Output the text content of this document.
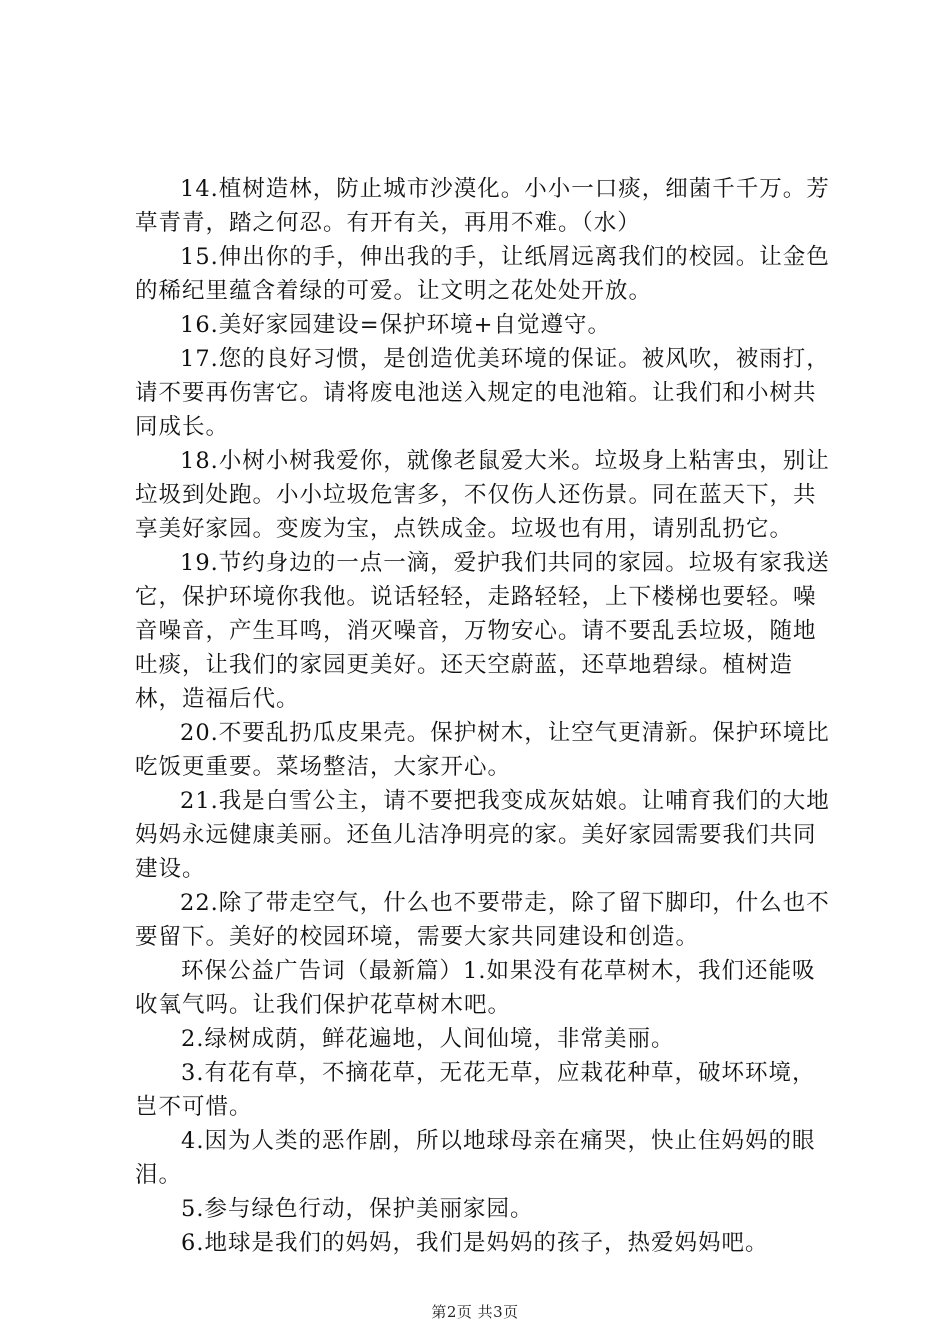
14.植树造林，防止城市沙漠化。小小一口痰，细菌千千万。芳草青青，踏之何忍。有开有关，再用不难。（水）

15.伸出你的手，伸出我的手，让纸屑远离我们的校园。让金色的稀纪里蕴含着绿的可爱。让文明之花处处开放。

16.美好家园建设=保护环境+自觉遵守。

17.您的良好习惯，是创造优美环境的保证。被风吹，被雨打，请不要再伤害它。请将废电池送入规定的电池箱。让我们和小树共同成长。

18.小树小树我爱你，就像老鼠爱大米。垃圾身上粘害虫，别让垃圾到处跑。小小垃圾危害多，不仅伤人还伤景。同在蓝天下，共享美好家园。变废为宝，点铁成金。垃圾也有用，请别乱扔它。

19.节约身边的一点一滴，爱护我们共同的家园。垃圾有家我送它，保护环境你我他。说话轻轻，走路轻轻，上下楼梯也要轻。噪音噪音，产生耳鸣，消灭噪音，万物安心。请不要乱丢垃圾，随地吐痰，让我们的家园更美好。还天空蔚蓝，还草地碧绿。植树造林，造福后代。

20.不要乱扔瓜皮果壳。保护树木，让空气更清新。保护环境比吃饭更重要。菜场整洁，大家开心。

21.我是白雪公主，请不要把我变成灰姑娘。让哺育我们的大地妈妈永远健康美丽。还鱼儿洁净明亮的家。美好家园需要我们共同建设。

22.除了带走空气，什么也不要带走，除了留下脚印，什么也不要留下。美好的校园环境，需要大家共同建设和创造。

环保公益广告词（最新篇）1.如果没有花草树木，我们还能吸收氧气吗。让我们保护花草树木吧。

2.绿树成荫，鲜花遍地，人间仙境，非常美丽。

3.有花有草，不摘花草，无花无草，应栽花种草，破坏环境，岂不可惜。

4.因为人类的恶作剧，所以地球母亲在痛哭，快止住妈妈的眼泪。

5.参与绿色行动，保护美丽家园。

6.地球是我们的妈妈，我们是妈妈的孩子，热爱妈妈吧。

第2页 共3页
